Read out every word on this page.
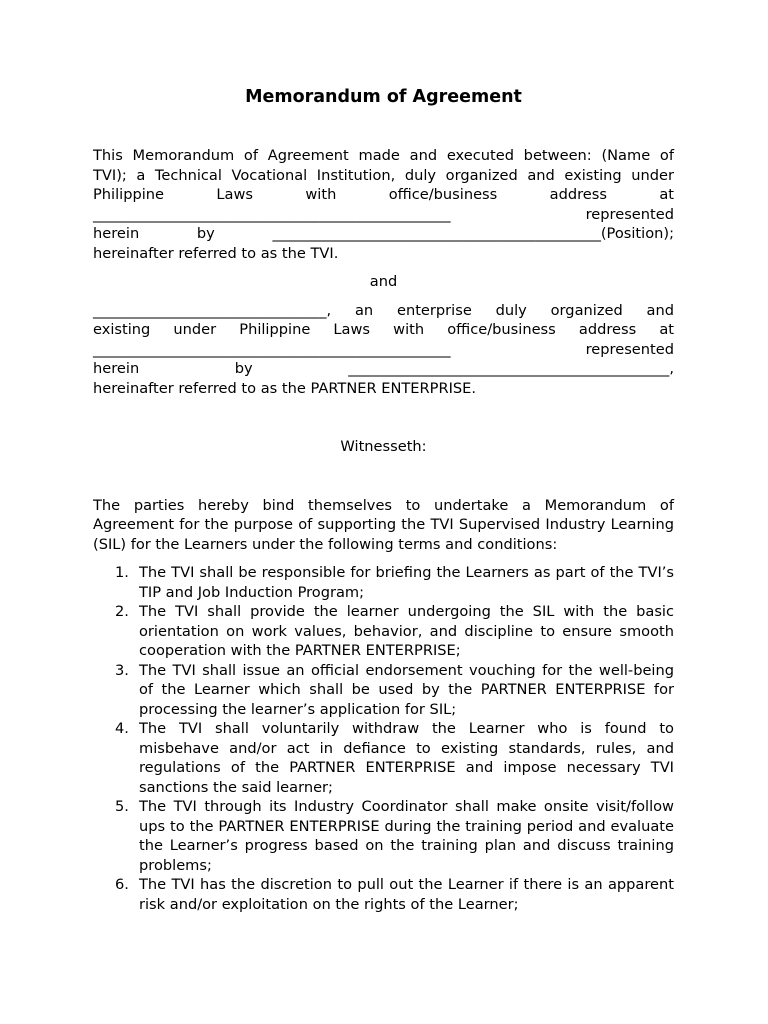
Memorandum of Agreement
This Memorandum of Agreement made and executed between: (Name of
TVI); a Technical Vocational Institution, duly organized and existing under
Philippine Laws with office/business address at
_________________________________________________ represented
herein by _____________________________________________(Position);
hereinafter referred to as the TVI.

and

________________________________, an enterprise duly organized and
existing under Philippine Laws with office/business address at
_________________________________________________ represented
herein by ____________________________________________,
hereinafter referred to as the PARTNER ENTERPRISE.

Witnesseth:

The parties hereby bind themselves to undertake a Memorandum of Agreement for the purpose of supporting the TVI Supervised Industry Learning (SIL) for the Learners under the following terms and conditions:

1. The TVI shall be responsible for briefing the Learners as part of the TVI’s TIP and Job Induction Program;
2. The TVI shall provide the learner undergoing the SIL with the basic orientation on work values, behavior, and discipline to ensure smooth cooperation with the PARTNER ENTERPRISE;
3. The TVI shall issue an official endorsement vouching for the well-being of the Learner which shall be used by the PARTNER ENTERPRISE for processing the learner’s application for SIL;
4. The TVI shall voluntarily withdraw the Learner who is found to misbehave and/or act in defiance to existing standards, rules, and regulations of the PARTNER ENTERPRISE and impose necessary TVI sanctions the said learner;
5. The TVI through its Industry Coordinator shall make onsite visit/follow ups to the PARTNER ENTERPRISE during the training period and evaluate the Learner’s progress based on the training plan and discuss training problems;
6. The TVI has the discretion to pull out the Learner if there is an apparent risk and/or exploitation on the rights of the Learner;
